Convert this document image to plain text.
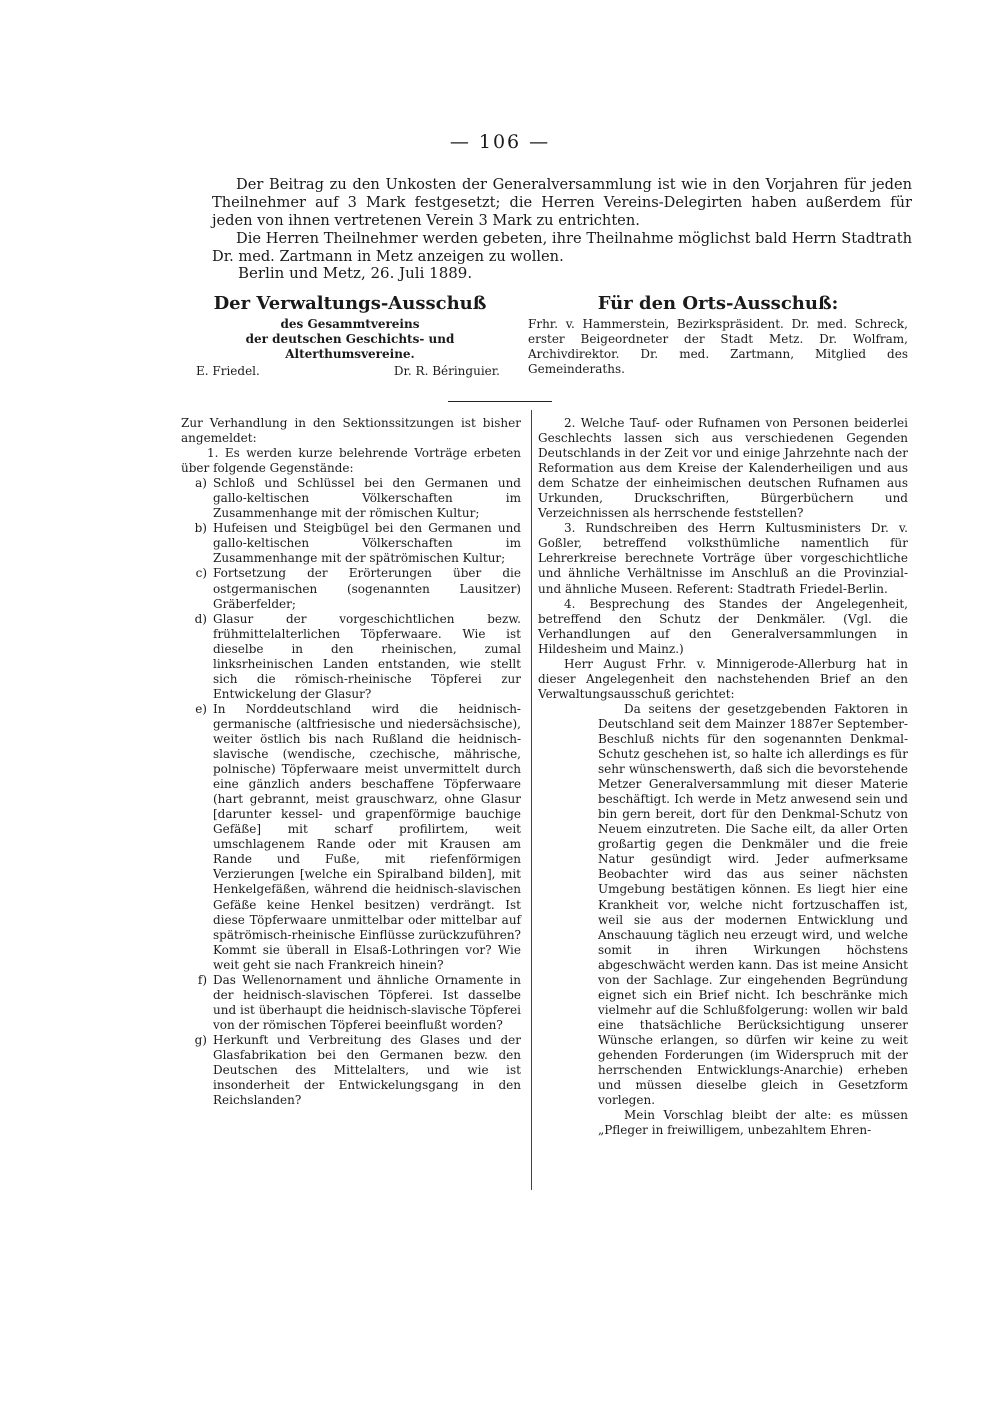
— 106 —

Der Beitrag zu den Unkosten der Generalversammlung ist wie in den Vorjahren für jeden Theilnehmer auf 3 Mark festgesetzt; die Herren Vereins-Delegirten haben außerdem für jeden von ihnen vertretenen Verein 3 Mark zu entrichten.

Die Herren Theilnehmer werden gebeten, ihre Theilnahme möglichst bald Herrn Stadtrath Dr. med. Zartmann in Metz anzeigen zu wollen.

Berlin und Metz, 26. Juli 1889.
Der Verwaltungs-Ausschuß
des Gesammtvereins
der deutschen Geschichts- und Alterthumsvereine.
E. Friedel.	Dr. R. Béringuier.
Für den Orts-Ausschuß:
Frhr. v. Hammerstein, Bezirkspräsident. Dr. med. Schreck, erster Beigeordneter der Stadt Metz. Dr. Wolfram, Archivdirektor. Dr. med. Zartmann, Mitglied des Gemeinderaths.

Zur Verhandlung in den Sektionssitzungen ist bisher angemeldet:

1. Es werden kurze belehrende Vorträge erbeten über folgende Gegenstände:

a) Schloß und Schlüssel bei den Germanen und gallo-keltischen Völkerschaften im Zusammenhange mit der römischen Kultur;
b) Hufeisen und Steigbügel bei den Germanen und gallo-keltischen Völkerschaften im Zusammenhange mit der spätrömischen Kultur;
c) Fortsetzung der Erörterungen über die ostgermanischen (sogenannten Lausitzer) Gräberfelder;
d) Glasur der vorgeschichtlichen bezw. frühmittelalterlichen Töpferwaare. Wie ist dieselbe in den rheinischen, zumal linksrheinischen Landen entstanden, wie stellt sich die römisch-rheinische Töpferei zur Entwickelung der Glasur?
e) In Norddeutschland wird die heidnisch-germanische (altfriesische und niedersächsische), weiter östlich bis nach Rußland die heidnisch-slavische (wendische, czechische, mährische, polnische) Töpferwaare meist unvermittelt durch eine gänzlich anders beschaffene Töpferwaare (hart gebrannt, meist grauschwarz, ohne Glasur [darunter kessel- und grapenförmige bauchige Gefäße] mit scharf profilirtem, weit umschlagenem Rande oder mit Krausen am Rande und Fuße, mit riefenförmigen Verzierungen [welche ein Spiralband bilden], mit Henkelgefäßen, während die heidnisch-slavischen Gefäße keine Henkel besitzen) verdrängt. Ist diese Töpferwaare unmittelbar oder mittelbar auf spätrömisch-rheinische Einflüsse zurückzuführen? Kommt sie überall in Elsaß-Lothringen vor? Wie weit geht sie nach Frankreich hinein?
f) Das Wellenornament und ähnliche Ornamente in der heidnisch-slavischen Töpferei. Ist dasselbe und ist überhaupt die heidnisch-slavische Töpferei von der römischen Töpferei beeinflußt worden?
g) Herkunft und Verbreitung des Glases und der Glasfabrikation bei den Germanen bezw. den Deutschen des Mittelalters, und wie ist insonderheit der Entwickelungsgang in den Reichslanden?

2. Welche Tauf- oder Rufnamen von Personen beiderlei Geschlechts lassen sich aus verschiedenen Gegenden Deutschlands in der Zeit vor und einige Jahrzehnte nach der Reformation aus dem Kreise der Kalenderheiligen und aus dem Schatze der einheimischen deutschen Rufnamen aus Urkunden, Druckschriften, Bürgerbüchern und Verzeichnissen als herrschende feststellen?

3. Rundschreiben des Herrn Kultusministers Dr. v. Goßler, betreffend volksthümliche namentlich für Lehrerkreise berechnete Vorträge über vorgeschichtliche und ähnliche Verhältnisse im Anschluß an die Provinzial- und ähnliche Museen. Referent: Stadtrath Friedel-Berlin.

4. Besprechung des Standes der Angelegenheit, betreffend den Schutz der Denkmäler. (Vgl. die Verhandlungen auf den Generalversammlungen in Hildesheim und Mainz.)

Herr August Frhr. v. Minnigerode-Allerburg hat in dieser Angelegenheit den nachstehenden Brief an den Verwaltungsausschuß gerichtet:

Da seitens der gesetzgebenden Faktoren in Deutschland seit dem Mainzer 1887er September-Beschluß nichts für den sogenannten Denkmal-Schutz geschehen ist, so halte ich allerdings es für sehr wünschenswerth, daß sich die bevorstehende Metzer Generalversammlung mit dieser Materie beschäftigt. Ich werde in Metz anwesend sein und bin gern bereit, dort für den Denkmal-Schutz von Neuem einzutreten. Die Sache eilt, da aller Orten großartig gegen die Denkmäler und die freie Natur gesündigt wird. Jeder aufmerksame Beobachter wird das aus seiner nächsten Umgebung bestätigen können. Es liegt hier eine Krankheit vor, welche nicht fortzuschaffen ist, weil sie aus der modernen Entwicklung und Anschauung täglich neu erzeugt wird, und welche somit in ihren Wirkungen höchstens abgeschwächt werden kann. Das ist meine Ansicht von der Sachlage. Zur eingehenden Begründung eignet sich ein Brief nicht. Ich beschränke mich vielmehr auf die Schlußfolgerung: wollen wir bald eine thatsächliche Berücksichtigung unserer Wünsche erlangen, so dürfen wir keine zu weit gehenden Forderungen (im Widerspruch mit der herrschenden Entwicklungs-Anarchie) erheben und müssen dieselbe gleich in Gesetzform vorlegen.

Mein Vorschlag bleibt der alte: es müssen „Pfleger in freiwilligem, unbezahltem Ehren-
